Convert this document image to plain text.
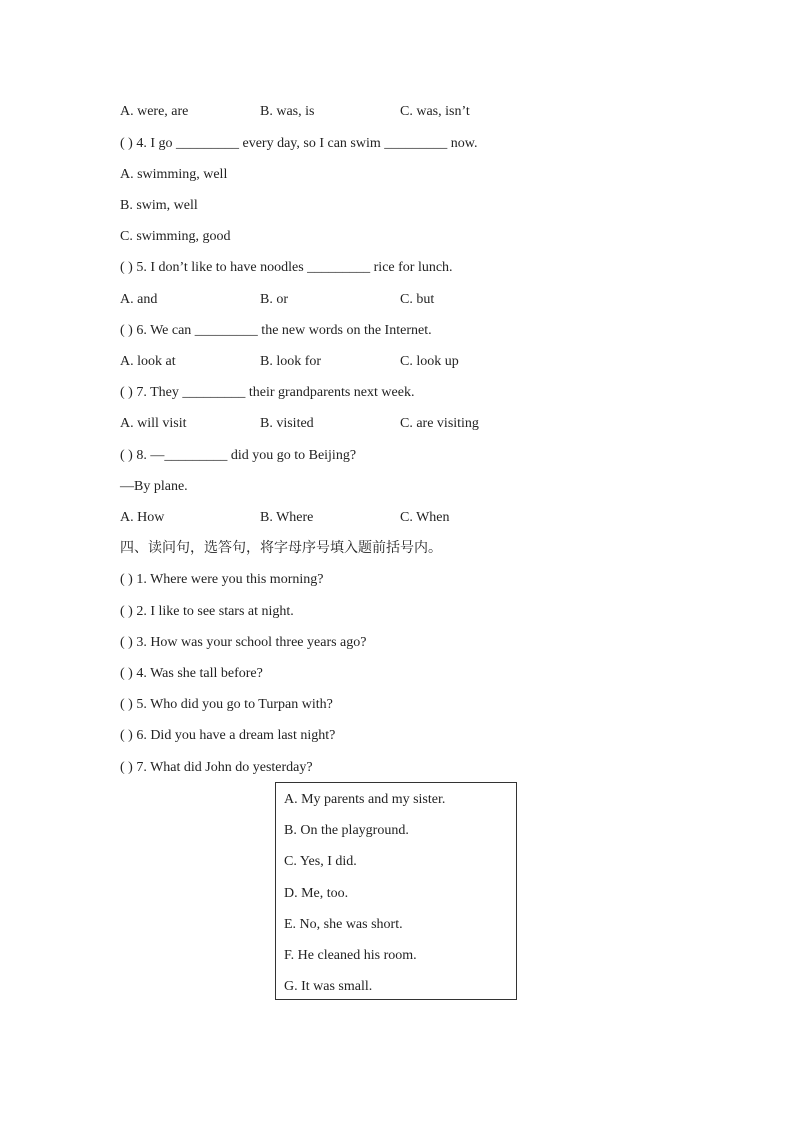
A. were, are	B. was, is	C. was, isn’t
( ) 4. I go _________ every day, so I can swim _________ now.
A. swimming, well
B. swim, well
C. swimming, good
( ) 5. I don’t like to have noodles _________ rice for lunch.
A. and	B. or	C. but
( ) 6. We can _________ the new words on the Internet.
A. look at	B. look for	C. look up
( ) 7. They _________ their grandparents next week.
A. will visit	B. visited	C. are visiting
( ) 8. —_________ did you go to Beijing?
—By plane.
A. How	B. Where	C. When
四、读问句，选答句，将字母序号填入题前括号内。
( ) 1. Where were you this morning?
( ) 2. I like to see stars at night.
( ) 3. How was your school three years ago?
( ) 4. Was she tall before?
( ) 5. Who did you go to Turpan with?
( ) 6. Did you have a dream last night?
( ) 7. What did John do yesterday?
A. My parents and my sister.
B. On the playground.
C. Yes, I did.
D. Me, too.
E. No, she was short.
F. He cleaned his room.
G. It was small.
